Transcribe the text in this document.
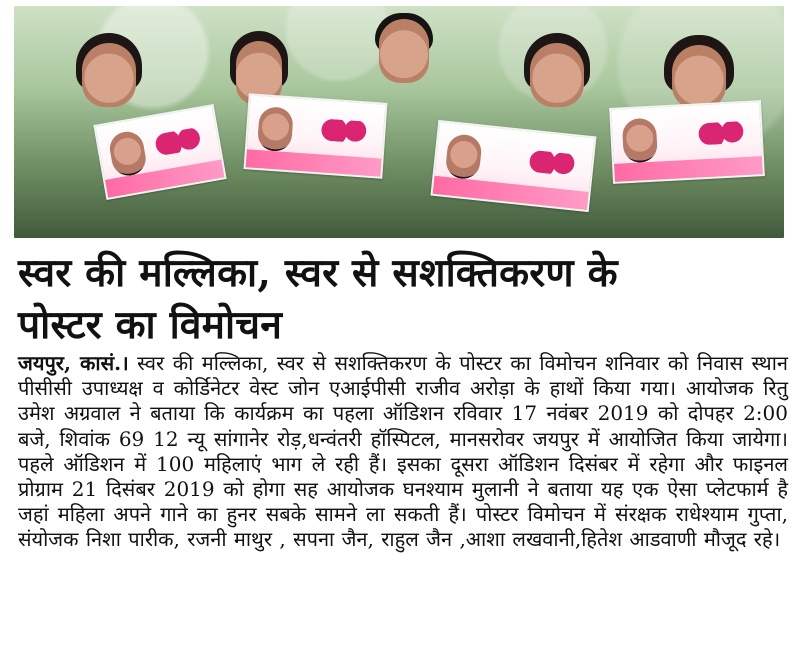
स्वर की मल्लिका, स्वर से सशक्तिकरण के
पोस्टर का विमोचन
जयपुर, कासं.। स्वर की मल्लिका, स्वर से सशक्तिकरण के पोस्टर का विमोचन शनिवार को निवास स्थान पीसीसी उपाध्यक्ष व कोर्डिनेटर वेस्ट जोन एआईपीसी राजीव अरोड़ा के हाथों किया गया। आयोजक रितु उमेश अग्रवाल ने बताया कि कार्यक्रम का पहला ऑडिशन रविवार 17 नवंबर 2019 को दोपहर 2:00 बजे, शिवांक 69 12 न्यू सांगानेर रोड़,धन्वंतरी हॉस्पिटल, मानसरोवर जयपुर में आयोजित किया जायेगा। पहले ऑडिशन में 100 महिलाएं भाग ले रही हैं। इसका दूसरा ऑडिशन दिसंबर में रहेगा और फाइनल प्रोग्राम 21 दिसंबर 2019 को होगा सह आयोजक घनश्याम मुलानी ने बताया यह एक ऐसा प्लेटफार्म है जहां महिला अपने गाने का हुनर सबके सामने ला सकती हैं। पोस्टर विमोचन में संरक्षक राधेश्याम गुप्ता, संयोजक निशा पारीक, रजनी माथुर , सपना जैन, राहुल जैन ,आशा लखवानी,हितेश आडवाणी मौजूद रहे।
